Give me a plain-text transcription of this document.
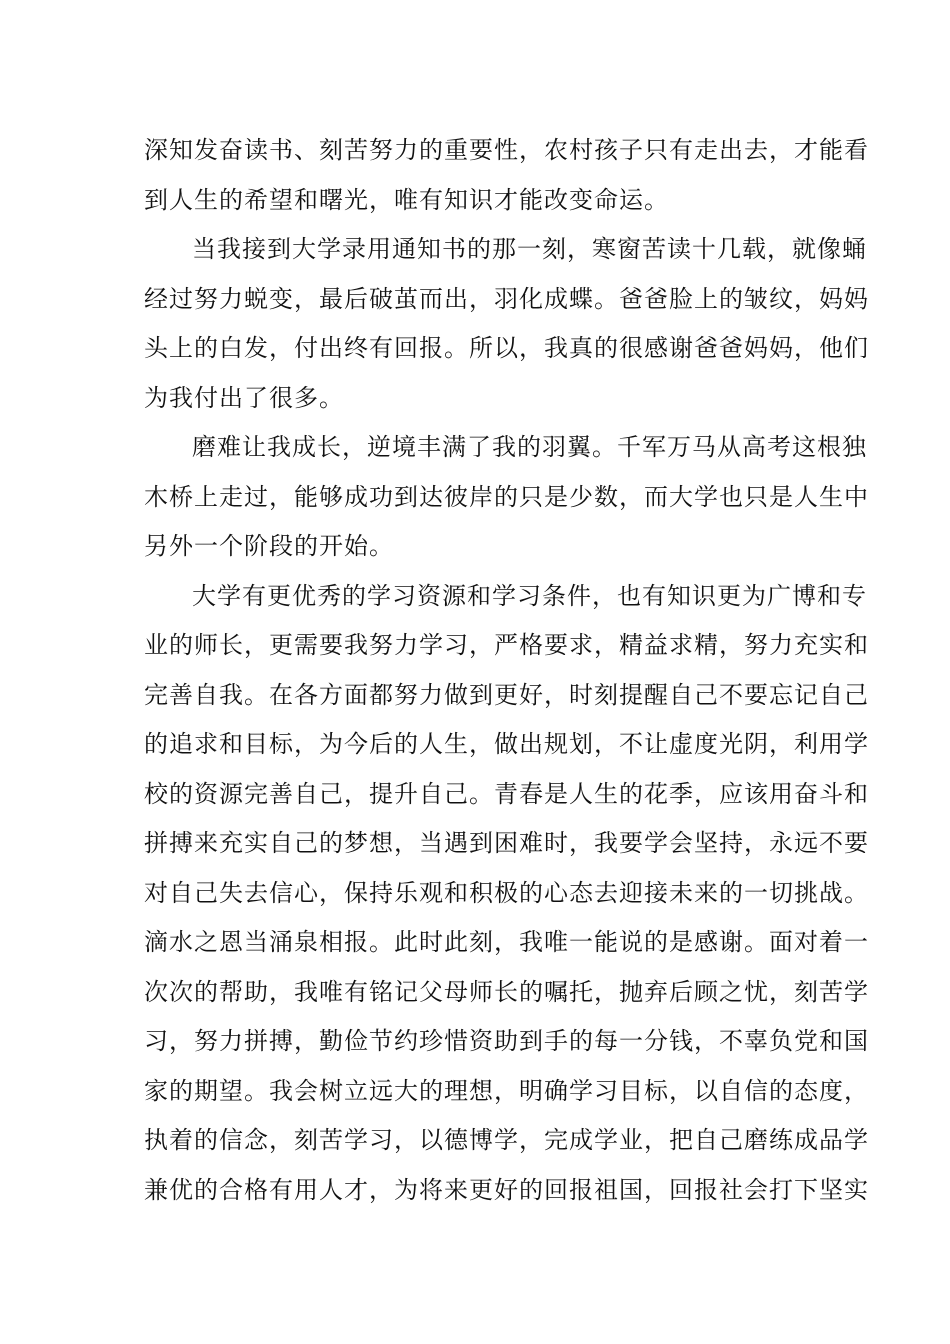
深知发奋读书、刻苦努力的重要性，农村孩子只有走出去，才能看
到人生的希望和曙光，唯有知识才能改变命运。
当我接到大学录用通知书的那一刻，寒窗苦读十几载，就像蛹
经过努力蜕变，最后破茧而出，羽化成蝶。爸爸脸上的皱纹，妈妈
头上的白发，付出终有回报。所以，我真的很感谢爸爸妈妈，他们
为我付出了很多。
磨难让我成长，逆境丰满了我的羽翼。千军万马从高考这根独
木桥上走过，能够成功到达彼岸的只是少数，而大学也只是人生中
另外一个阶段的开始。
大学有更优秀的学习资源和学习条件，也有知识更为广博和专
业的师长，更需要我努力学习，严格要求，精益求精，努力充实和
完善自我。在各方面都努力做到更好，时刻提醒自己不要忘记自己
的追求和目标，为今后的人生，做出规划，不让虚度光阴，利用学
校的资源完善自己，提升自己。青春是人生的花季，应该用奋斗和
拼搏来充实自己的梦想，当遇到困难时，我要学会坚持，永远不要
对自己失去信心，保持乐观和积极的心态去迎接未来的一切挑战。
滴水之恩当涌泉相报。此时此刻，我唯一能说的是感谢。面对着一
次次的帮助，我唯有铭记父母师长的嘱托，抛弃后顾之忧，刻苦学
习，努力拼搏，勤俭节约珍惜资助到手的每一分钱，不辜负党和国
家的期望。我会树立远大的理想，明确学习目标，以自信的态度，
执着的信念，刻苦学习，以德博学，完成学业，把自己磨练成品学
兼优的合格有用人才，为将来更好的回报祖国，回报社会打下坚实
